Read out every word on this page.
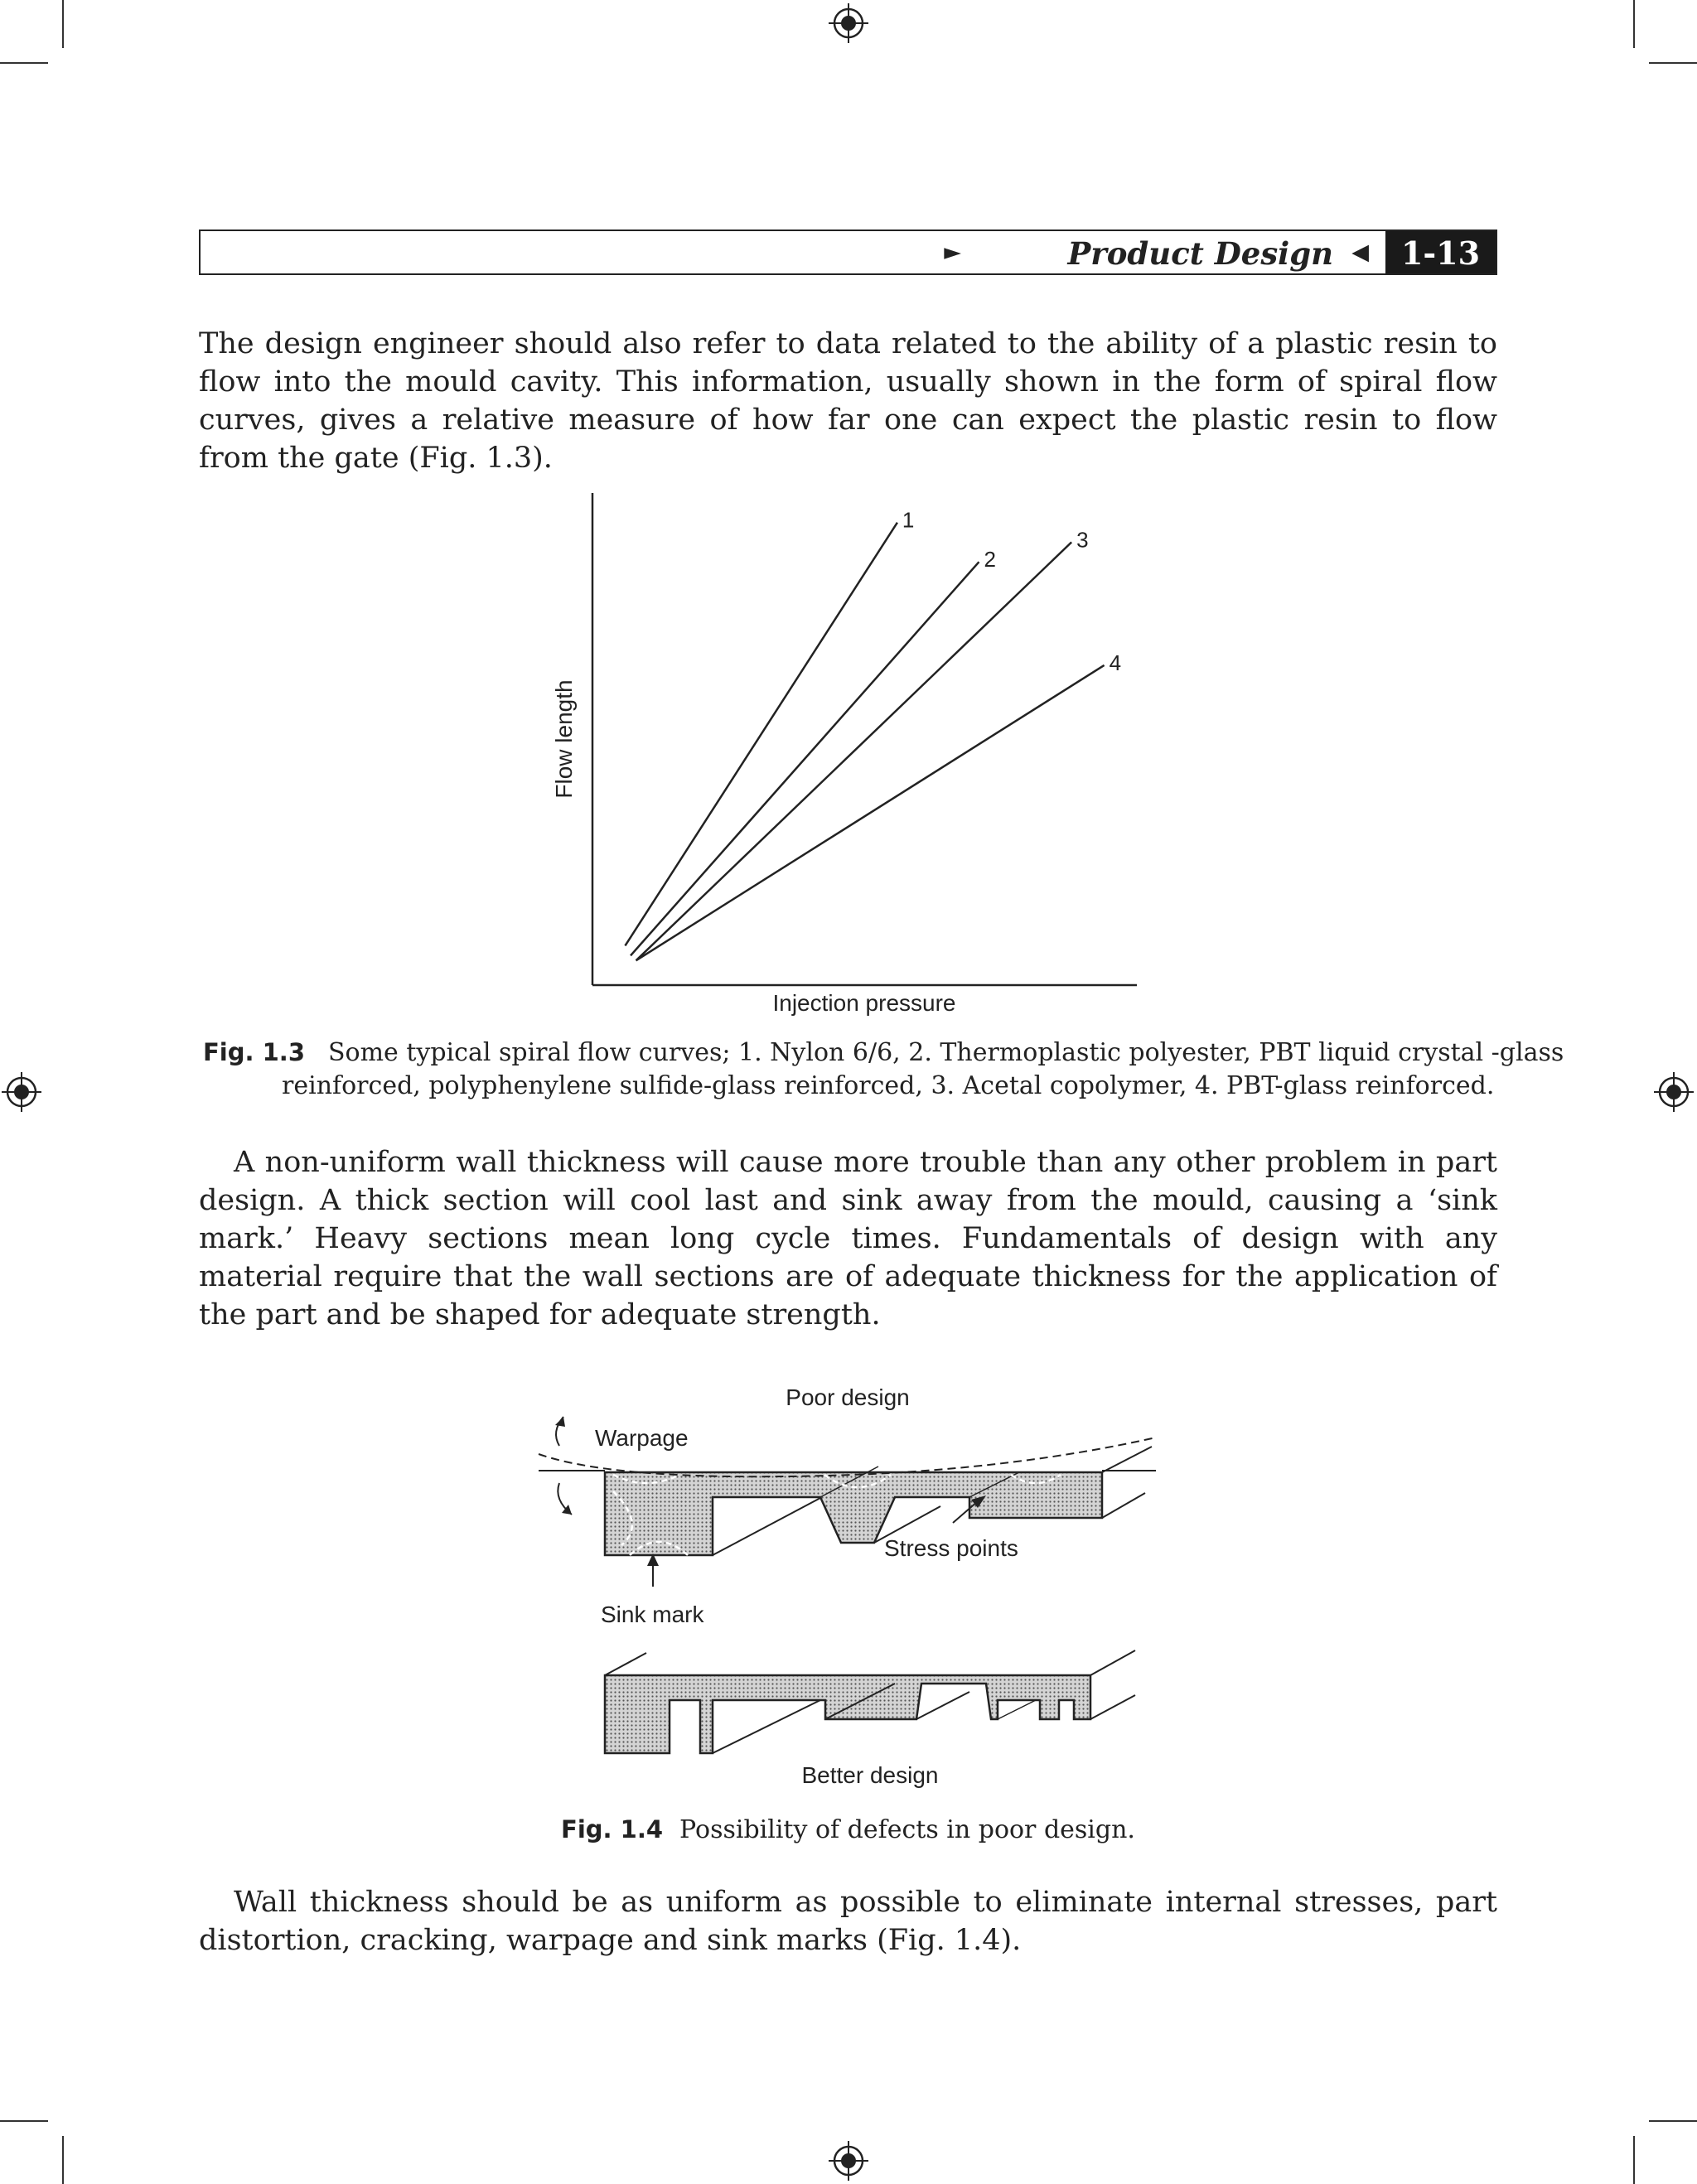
►	Product Design ◀	1-13

The design engineer should also refer to data related to the ability of a plastic resin to flow into the mould cavity. This information, usually shown in the form of spiral flow curves, gives a relative measure of how far one can expect the plastic resin to flow from the gate (Fig. 1.3).

1
2
3
4
Injection pressure
Flow length
Fig. 1.3 Some typical spiral flow curves; 1. Nylon 6/6, 2. Thermoplastic polyester, PBT liquid crystal -glass reinforced, polyphenylene sulfide-glass reinforced, 3. Acetal copolymer, 4. PBT-glass reinforced.

A non-uniform wall thickness will cause more trouble than any other problem in part design. A thick section will cool last and sink away from the mould, causing a ‘sink mark.’ Heavy sections mean long cycle times. Fundamentals of design with any material require that the wall sections are of adequate thickness for the application of the part and be shaped for adequate strength.

Poor design
Warpage
Stress points
Sink mark
Better design
Fig. 1.4 Possibility of defects in poor design.

Wall thickness should be as uniform as possible to eliminate internal stresses, part distortion, cracking, warpage and sink marks (Fig. 1.4).
